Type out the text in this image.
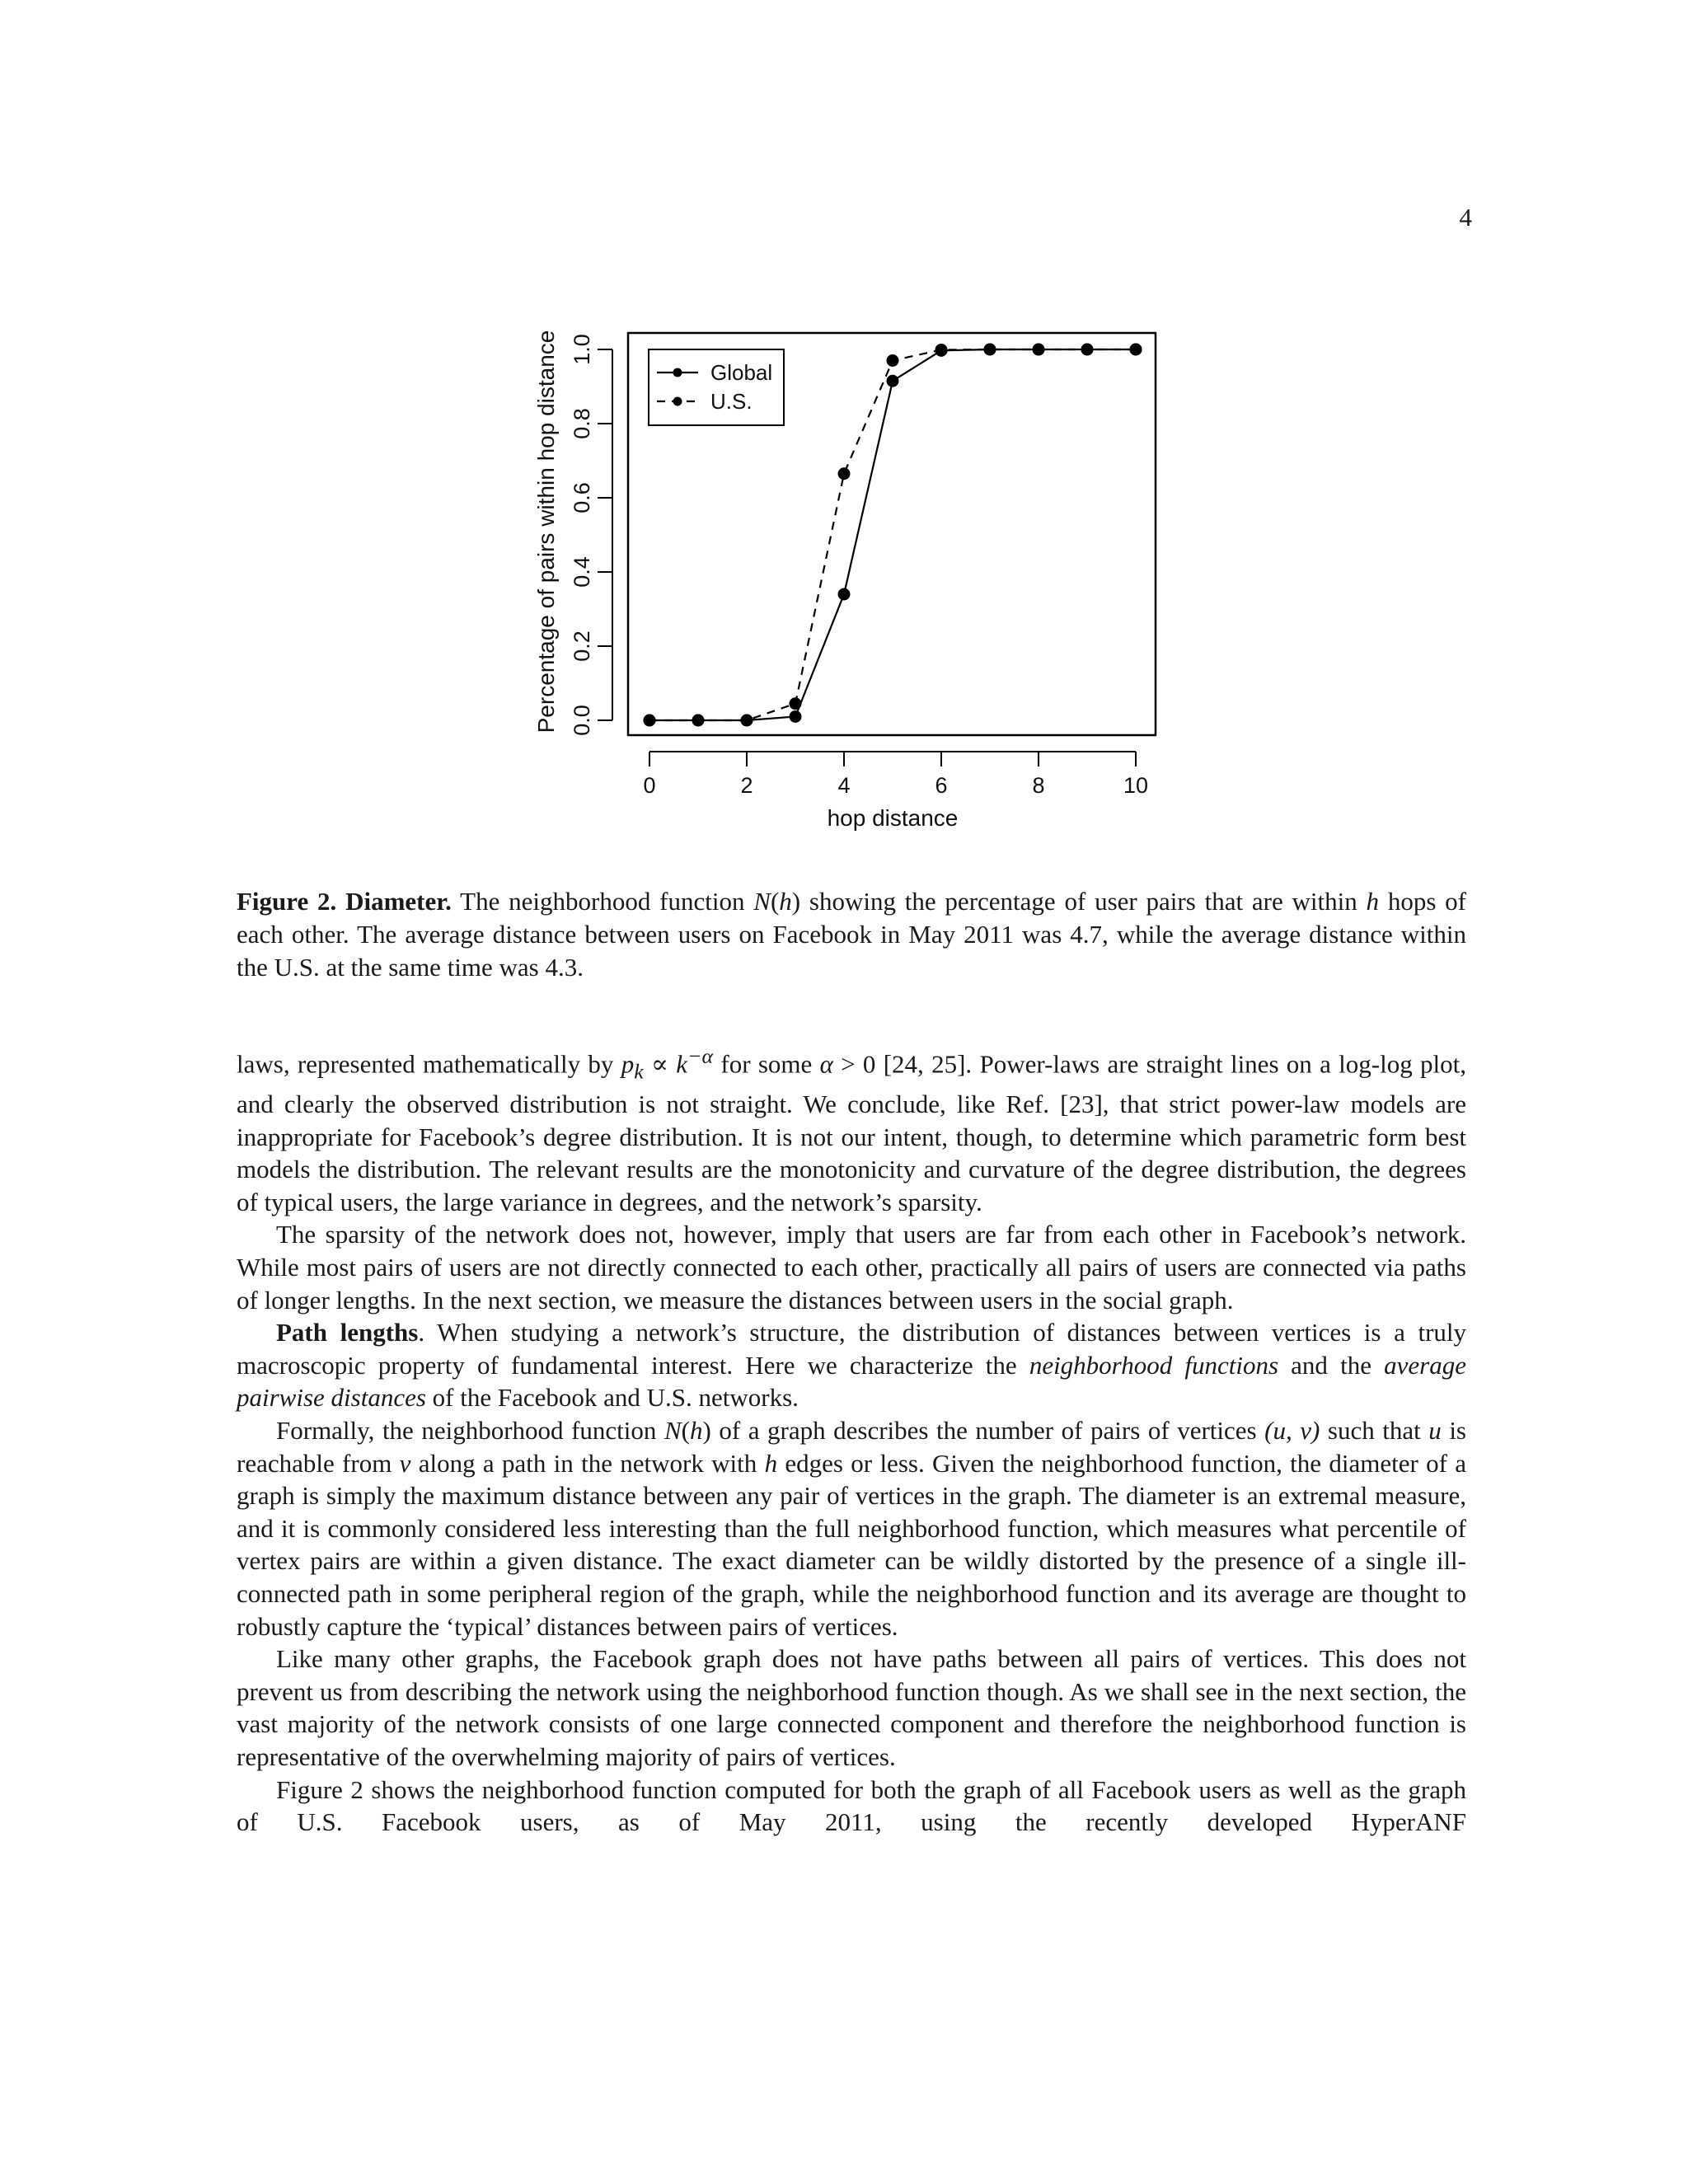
4
0	2	4	6	8	10
hop distance
0.0
0.2
0.4
0.6
0.8
1.0
Percentage of pairs within hop distance	Global
U.S.
Figure 2. Diameter. The neighborhood function N(h) showing the percentage of user pairs that are within h hops of each other. The average distance between users on Facebook in May 2011 was 4.7, while the average distance within the U.S. at the same time was 4.3.

laws, represented mathematically by $p_k \propto k^{-\alpha}$ for some α > 0 [24, 25]. Power-laws are straight lines on a log-log plot, and clearly the observed distribution is not straight. We conclude, like Ref. [23], that strict power-law models are inappropriate for Facebook’s degree distribution. It is not our intent, though, to determine which parametric form best models the distribution. The relevant results are the monotonicity and curvature of the degree distribution, the degrees of typical users, the large variance in degrees, and the network’s sparsity.

The sparsity of the network does not, however, imply that users are far from each other in Facebook’s network. While most pairs of users are not directly connected to each other, practically all pairs of users are connected via paths of longer lengths. In the next section, we measure the distances between users in the social graph.

Path lengths. When studying a network’s structure, the distribution of distances between vertices is a truly macroscopic property of fundamental interest. Here we characterize the neighborhood functions and the average pairwise distances of the Facebook and U.S. networks.

Formally, the neighborhood function N(h) of a graph describes the number of pairs of vertices (u, v) such that u is reachable from v along a path in the network with h edges or less. Given the neighborhood function, the diameter of a graph is simply the maximum distance between any pair of vertices in the graph. The diameter is an extremal measure, and it is commonly considered less interesting than the full neighborhood function, which measures what percentile of vertex pairs are within a given distance. The exact diameter can be wildly distorted by the presence of a single ill-connected path in some peripheral region of the graph, while the neighborhood function and its average are thought to robustly capture the ‘typical’ distances between pairs of vertices.

Like many other graphs, the Facebook graph does not have paths between all pairs of vertices. This does not prevent us from describing the network using the neighborhood function though. As we shall see in the next section, the vast majority of the network consists of one large connected component and therefore the neighborhood function is representative of the overwhelming majority of pairs of vertices.

Figure 2 shows the neighborhood function computed for both the graph of all Facebook users as well as the graph of U.S. Facebook users, as of May 2011, using the recently developed HyperANF
